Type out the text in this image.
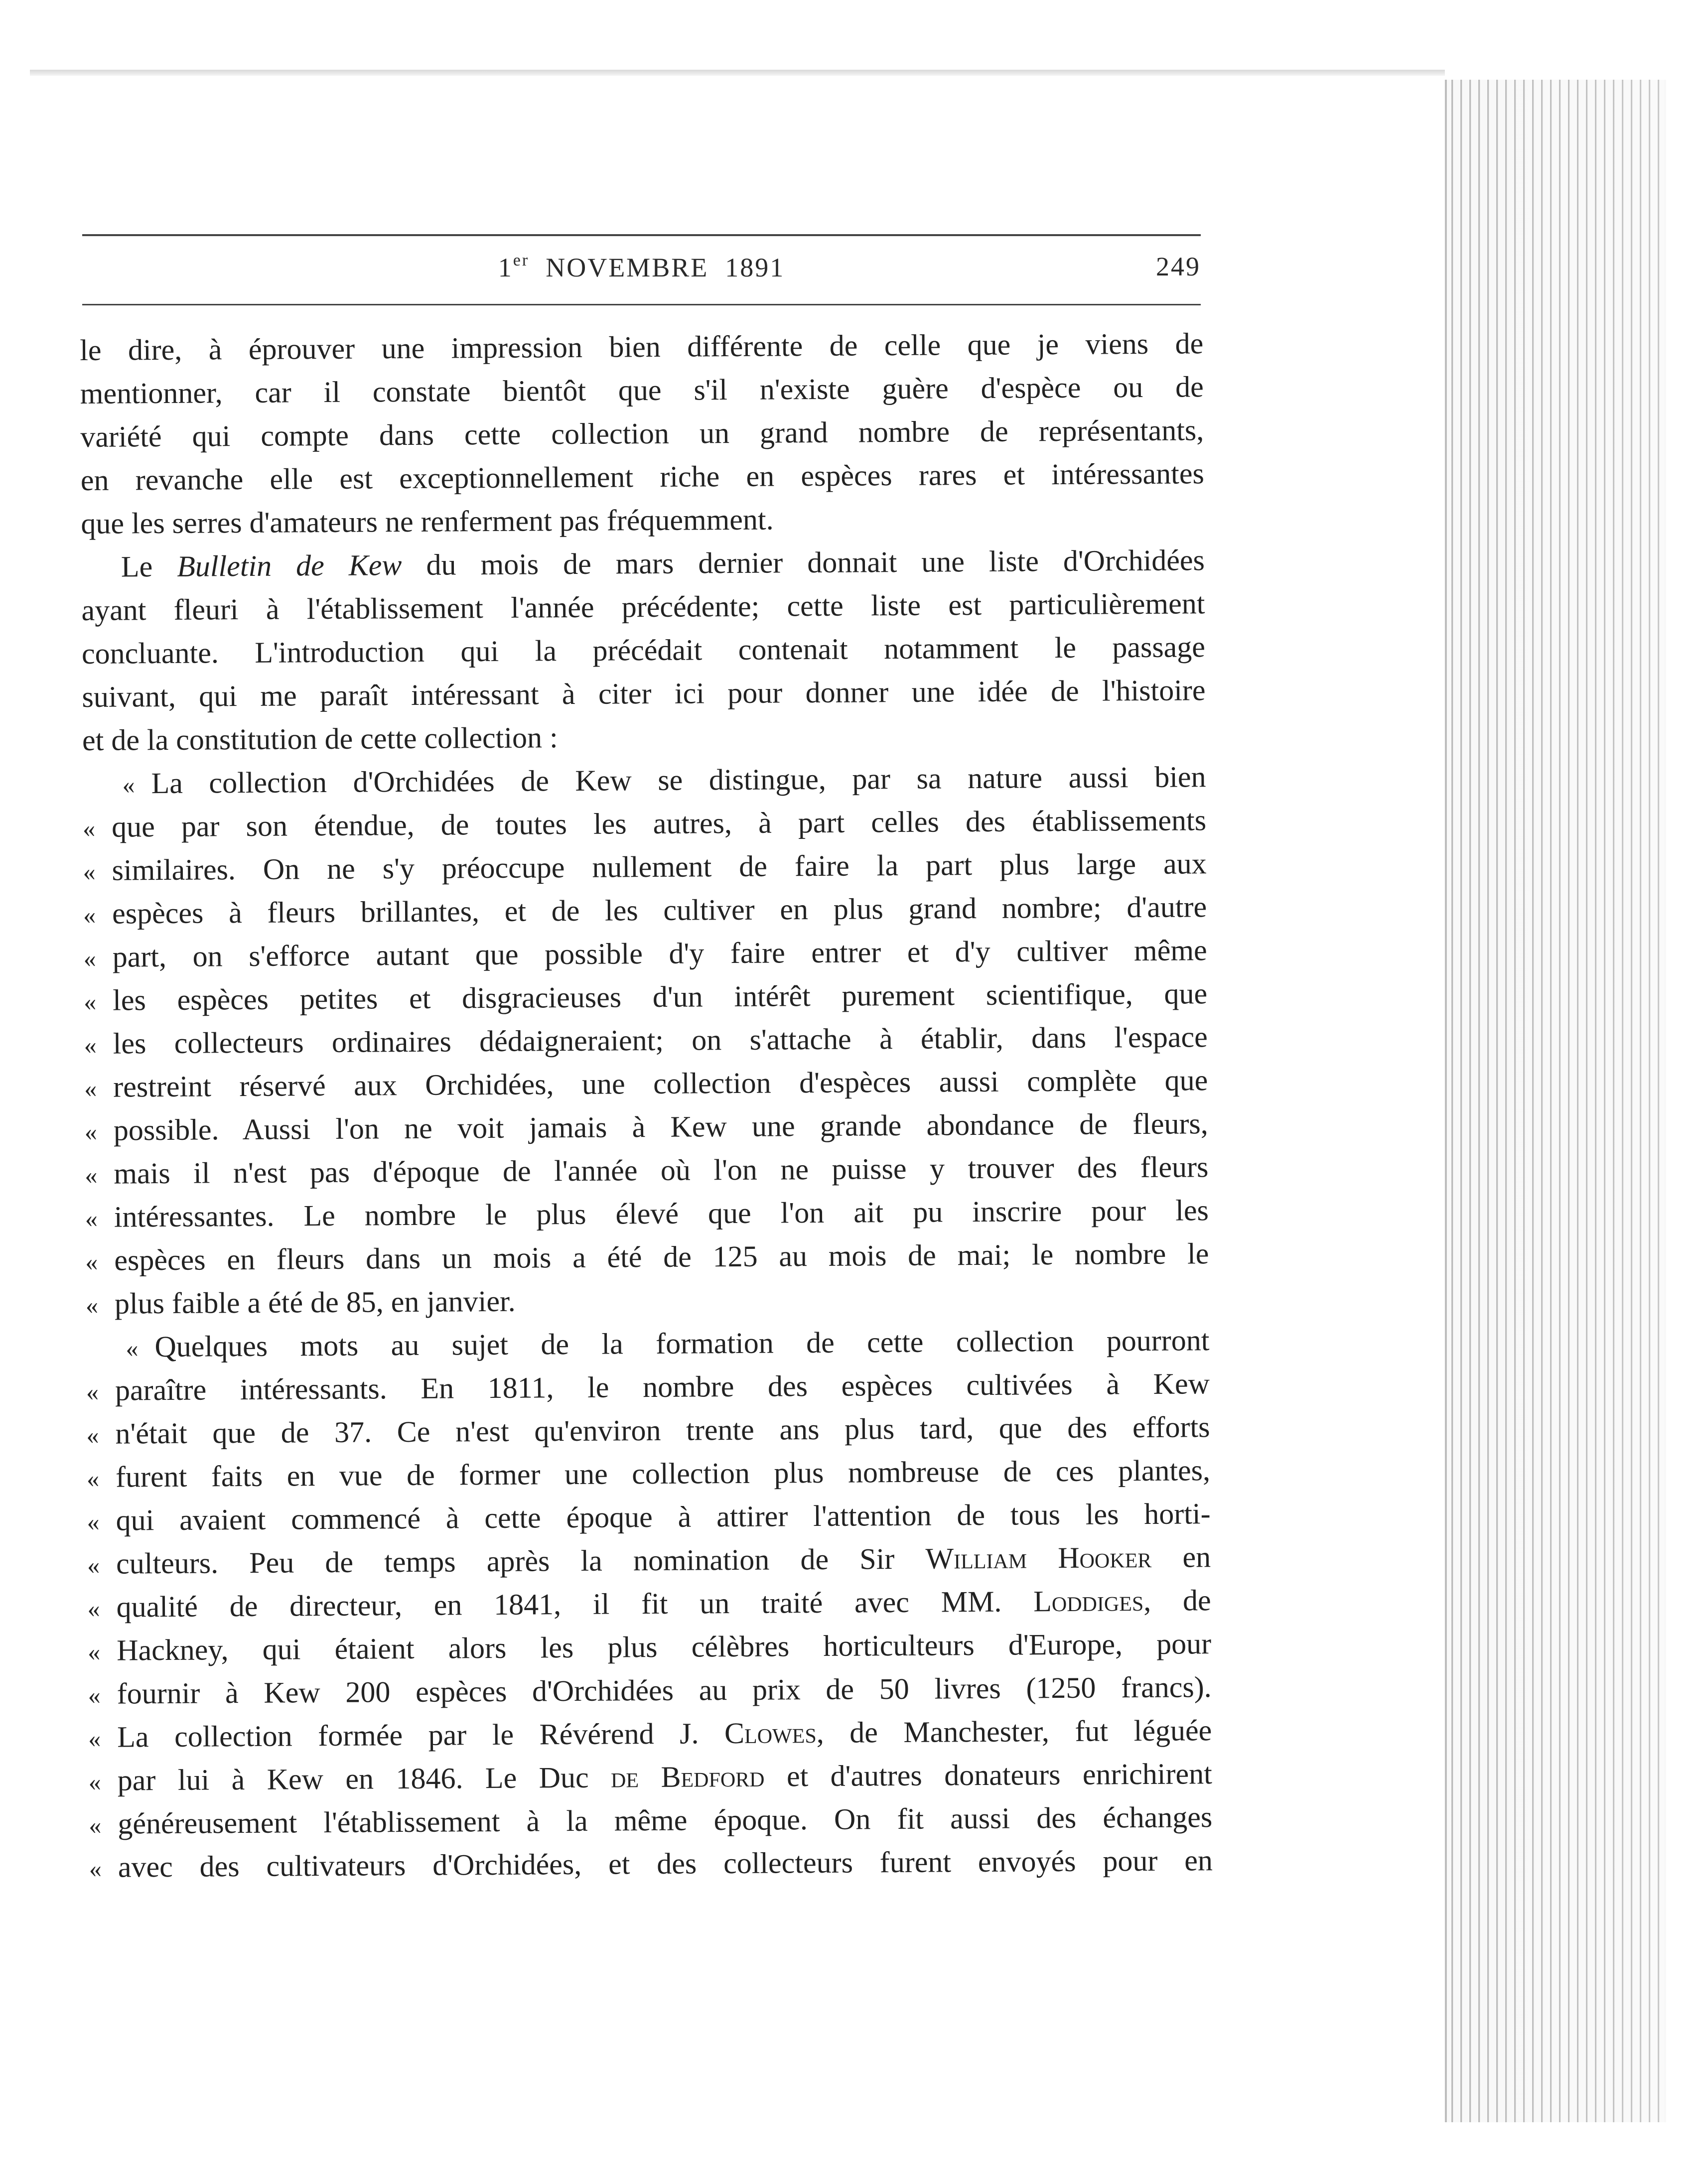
1er NOVEMBRE 1891	249
le dire, à éprouver une impression bien différente de celle que je viens de
mentionner, car il constate bientôt que s'il n'existe guère d'espèce ou de
variété qui compte dans cette collection un grand nombre de représentants,
en revanche elle est exceptionnellement riche en espèces rares et intéressantes
que les serres d'amateurs ne renferment pas fréquemment.
Le Bulletin de Kew du mois de mars dernier donnait une liste d'Orchidées
ayant fleuri à l'établissement l'année précédente; cette liste est particulièrement
concluante. L'introduction qui la précédait contenait notamment le passage
suivant, qui me paraît intéressant à citer ici pour donner une idée de l'histoire
et de la constitution de cette collection :
« La collection d'Orchidées de Kew se distingue, par sa nature aussi bien
« que par son étendue, de toutes les autres, à part celles des établissements
« similaires. On ne s'y préoccupe nullement de faire la part plus large aux
« espèces à fleurs brillantes, et de les cultiver en plus grand nombre; d'autre
« part, on s'efforce autant que possible d'y faire entrer et d'y cultiver même
« les espèces petites et disgracieuses d'un intérêt purement scientifique, que
« les collecteurs ordinaires dédaigneraient; on s'attache à établir, dans l'espace
« restreint réservé aux Orchidées, une collection d'espèces aussi complète que
« possible. Aussi l'on ne voit jamais à Kew une grande abondance de fleurs,
« mais il n'est pas d'époque de l'année où l'on ne puisse y trouver des fleurs
« intéressantes. Le nombre le plus élevé que l'on ait pu inscrire pour les
« espèces en fleurs dans un mois a été de 125 au mois de mai; le nombre le
« plus faible a été de 85, en janvier.
« Quelques mots au sujet de la formation de cette collection pourront
« paraître intéressants. En 1811, le nombre des espèces cultivées à Kew
« n'était que de 37. Ce n'est qu'environ trente ans plus tard, que des efforts
« furent faits en vue de former une collection plus nombreuse de ces plantes,
« qui avaient commencé à cette époque à attirer l'attention de tous les horti-
« culteurs. Peu de temps après la nomination de Sir William Hooker en
« qualité de directeur, en 1841, il fit un traité avec MM. Loddiges, de
« Hackney, qui étaient alors les plus célèbres horticulteurs d'Europe, pour
« fournir à Kew 200 espèces d'Orchidées au prix de 50 livres (1250 francs).
« La collection formée par le Révérend J. Clowes, de Manchester, fut léguée
« par lui à Kew en 1846. Le Duc de Bedford et d'autres donateurs enrichirent
« généreusement l'établissement à la même époque. On fit aussi des échanges
« avec des cultivateurs d'Orchidées, et des collecteurs furent envoyés pour en
